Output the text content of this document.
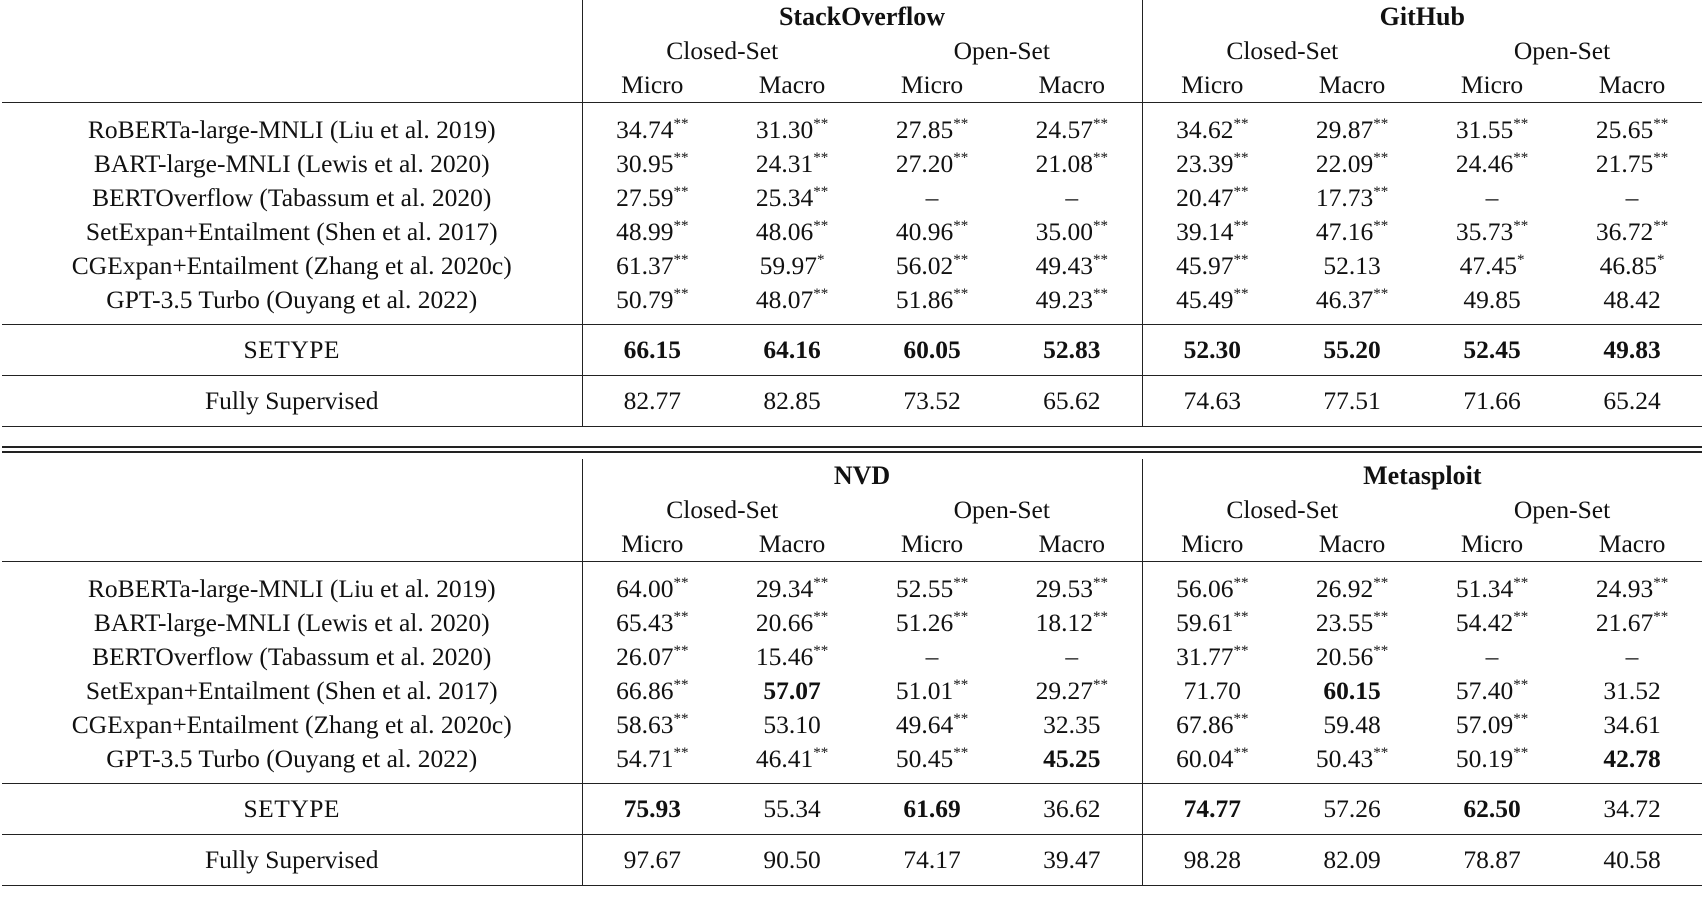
	StackOverflow				GitHub			
	Closed-Set		Open-Set		Closed-Set		Open-Set	
	Micro	Macro	Micro	Macro	Micro	Macro	Micro	Macro
RoBERTa-large-MNLI (Liu et al. 2019)	34.74**	31.30**	27.85**	24.57**	34.62**	29.87**	31.55**	25.65**
BART-large-MNLI (Lewis et al. 2020)	30.95**	24.31**	27.20**	21.08**	23.39**	22.09**	24.46**	21.75**
BERTOverflow (Tabassum et al. 2020)	27.59**	25.34**	–	–	20.47**	17.73**	–	–
SetExpan+Entailment (Shen et al. 2017)	48.99**	48.06**	40.96**	35.00**	39.14**	47.16**	35.73**	36.72**
CGExpan+Entailment (Zhang et al. 2020c)	61.37**	59.97*	56.02**	49.43**	45.97**	52.13	47.45*	46.85*
GPT-3.5 Turbo (Ouyang et al. 2022)	50.79**	48.07**	51.86**	49.23**	45.49**	46.37**	49.85	48.42
SETYPE	66.15	64.16	60.05	52.83	52.30	55.20	52.45	49.83
Fully Supervised	82.77	82.85	73.52	65.62	74.63	77.51	71.66	65.24
	NVD				Metasploit			
	Closed-Set		Open-Set		Closed-Set		Open-Set	
	Micro	Macro	Micro	Macro	Micro	Macro	Micro	Macro
RoBERTa-large-MNLI (Liu et al. 2019)	64.00**	29.34**	52.55**	29.53**	56.06**	26.92**	51.34**	24.93**
BART-large-MNLI (Lewis et al. 2020)	65.43**	20.66**	51.26**	18.12**	59.61**	23.55**	54.42**	21.67**
BERTOverflow (Tabassum et al. 2020)	26.07**	15.46**	–	–	31.77**	20.56**	–	–
SetExpan+Entailment (Shen et al. 2017)	66.86**	57.07	51.01**	29.27**	71.70	60.15	57.40**	31.52
CGExpan+Entailment (Zhang et al. 2020c)	58.63**	53.10	49.64**	32.35	67.86**	59.48	57.09**	34.61
GPT-3.5 Turbo (Ouyang et al. 2022)	54.71**	46.41**	50.45**	45.25	60.04**	50.43**	50.19**	42.78
SETYPE	75.93	55.34	61.69	36.62	74.77	57.26	62.50	34.72
Fully Supervised	97.67	90.50	74.17	39.47	98.28	82.09	78.87	40.58
